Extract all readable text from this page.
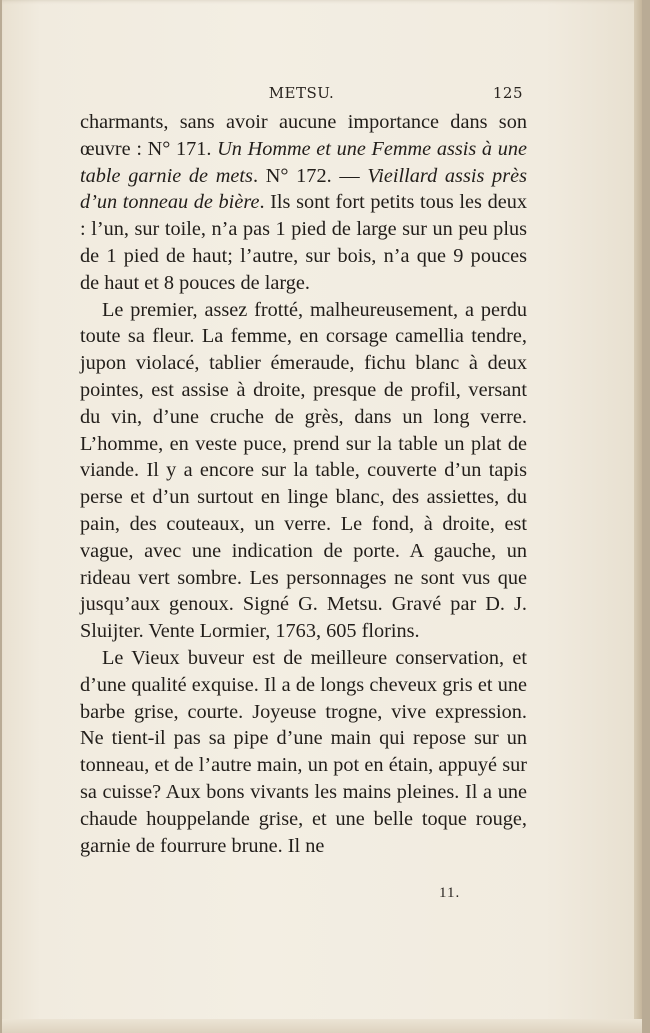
METSU.	125

charmants, sans avoir aucune importance dans son œuvre : N° 171. Un Homme et une Femme assis à une table garnie de mets. N° 172. — Vieillard assis près d’un tonneau de bière. Ils sont fort petits tous les deux : l’un, sur toile, n’a pas 1 pied de large sur un peu plus de 1 pied de haut; l’autre, sur bois, n’a que 9 pouces de haut et 8 pouces de large.

Le premier, assez frotté, malheureusement, a perdu toute sa fleur. La femme, en corsage camellia tendre, jupon violacé, tablier émeraude, fichu blanc à deux pointes, est assise à droite, presque de profil, versant du vin, d’une cruche de grès, dans un long verre. L’homme, en veste puce, prend sur la table un plat de viande. Il y a encore sur la table, couverte d’un tapis perse et d’un surtout en linge blanc, des assiettes, du pain, des couteaux, un verre. Le fond, à droite, est vague, avec une indication de porte. A gauche, un rideau vert sombre. Les personnages ne sont vus que jusqu’aux genoux. Signé G. Metsu. Gravé par D. J. Sluijter. Vente Lormier, 1763, 605 florins.

Le Vieux buveur est de meilleure conservation, et d’une qualité exquise. Il a de longs cheveux gris et une barbe grise, courte. Joyeuse trogne, vive expression. Ne tient-il pas sa pipe d’une main qui repose sur un tonneau, et de l’autre main, un pot en étain, appuyé sur sa cuisse? Aux bons vivants les mains pleines. Il a une chaude houppelande grise, et une belle toque rouge, garnie de fourrure brune. Il ne

11.
